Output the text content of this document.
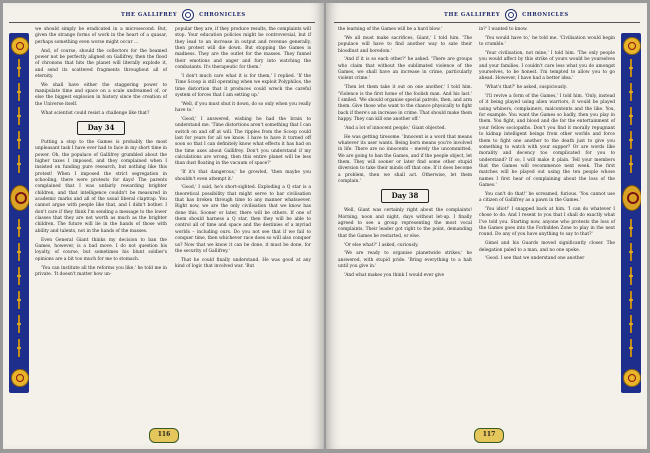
THE GALLIFREY	CHRONICLES

we should simply be eradicated in a microsecond. But, given the strange forms of work in the heart of a quasar, perhaps something even worse might occur ...

And, of course, should the collectors for the beamed power not be perfectly aligned on Gallifrey, then the flood of chronons that hits the planet will literally explode it, and send its scattered fragments throughout all of eternity.

We shall have either the staggering power to manipulate time and space on a scale undreamed of, or else the biggest explosion in history since the creation of the Universe itself.

What scientist could resist a challenge like that?

Day 34

Putting a stop to the Games is probably the most unpleasant task I have ever had to face in my short time in power. Oh, the populace of Gallifrey grumbled about the higher taxes I imposed, and they complained when I insisted on funding pure research, but nothing like this protest! When I imposed the strict segregation in schooling, there were protests for days! The parents complained that I was unfairly rewarding brighter children, and that intelligence couldn't be measured in academic marks and all of the usual liberal claptrap. You cannot argue with people like that, and I didn't bother. I don't care if they think I'm sending a message to the lower classes that they are not worth as much as the brighter children. The future will lie in the hands of those with ability and talents, not in the hands of the masses.

Even General Giant thinks my decision to ban the Games, however, is a bad move. I do not question his loyalty, of course, but sometimes his blunt soldier's opinions are a bit too much for me to stomach.

'You can institute all the reforms you like,' he told me in private. 'It doesn't matter how un-

popular they are, if they produce results, the complaints will stop. Your education policies might be controversial, but if they lead to an increase in output and revenue generally, then protest will die down. But stopping the Games is madness. They are the outlet for the masses. They funnel their emotions and anger and fury into watching the combatants. It's therapeutic for them.'

'I don't much care what it is for them,' I replied. 'If the Time Scoop is still operating when we exploit Polyphilos, the time distortion that it produces could wreck the careful system of forces that I am setting up.'

'Well, if you must shut it down, do so only when you really have to.'

'Good,' I answered, wishing he had the brain to understand me. 'Time distortions aren't something that I can switch on and off at will. The ripples from the Scoop could last for years for all we know. I have to have it turned off soon so that I can definitely know what effects it has had on the time axes about Gallifrey. Don't you understand if my calculations are wrong, then this entire planet will be less than dust floating in the vacuum of space?'

'If it's that dangerous,' he growled, 'then maybe you shouldn't even attempt it.'

'Good,' I said, he's short-sighted. Exploding a Q star is a theoretical possibility that might serve to bar civilisation that has broken through time to any manner whatsoever. Right now, we are the only civilisation that we know has done this. Sooner or later, there will be others. If one of them should harness a Q star, then they will be able to control all of time and space and the destinies of a myriad worlds – including ours. Do you not see that if we fail to conquer time, then whichever race does so will also conquer us? Now that we know it can be done, it must be done, for the security of Gallifrey.'

That he could finally understand. He was good at any kind of logic that involved war. 'But

116
THE GALLIFREY	CHRONICLES

the learning of the Games will be a hard blow.'

'We all must make sacrifices, Giant,' I told him. 'The populace will have to find another way to sate their bloodlust and boredom.'

'And if it is so each other?' he asked. 'There are groups who claim that without the sublimated violence of the Games, we shall have an increase in crime, particularly violent crime.'

'Then let them take it out on one another,' I told him. 'Violence is the first home of the foolish man. And his last.' I smiled. 'We should organise special patrols, then, and arm them. Give those who want to the chance physically to fight back if there's an increase in crime. That should make them happy. They can kill one another off.'

'And a lot of innocent people,' Giant objected.

He was getting tiresome. 'Innocent is a word that means whatever its user wants. Being born means you're involved in life. There are no innocents – merely the uncommitted. We are going to ban the Games, and if the people object, let them. They will sooner or later find some other stupid diversion to take their minds off that one. If it does become a problem, then we shall act. Otherwise, let them complain.'

Day 38

Well, Giant was certainly right about the complaints! Morning, noon and night, days without let-up. I finally agreed to see a group representing the most vocal complaints. Their leader got right to the point, demanding that the Games be restarted, or else.

'Or else what?' I asked, curiously.

'We are ready to organise planetwide strikes,' he answered, with stupid pride. 'Bring everything to a halt until you give in.'

'And what makes you think I would ever give

in?' I wanted to know.

'You would have to,' he told me. 'Civilisation would begin to crumble.'

'Your civilisation, not mine,' I told him. 'The only people you would affect by this strike of yours would be yourselves and your families. I couldn't care less what you do amongst yourselves, to be honest. I'm tempted to allow you to go ahead. However, I have had a better idea.'

'What's that?' he asked, suspiciously.

'I'll revive a form of the Games,' I told him. 'Only, instead of it being played using alien warriors, it would be played using whiners, complainers, malcontents and the like. You, for example. You want the Games so badly, then you play in them. You fight, and blood and die for the entertainment of your fellow sociopaths. Don't you find it morally repugnant to kidnap intelligent beings from other worlds and force them to fight one another to the death just to give you something to watch with your supper? Or are words like morality and decency too complicated for you to understand? If so, I will make it plain. Tell your members that the Games will recommence next week. The first matches will be played out using the ten people whose names I first hear of complaining about the loss of the Games.'

You can't do that!' he screamed, furious. 'You cannot use a citizen of Gallifrey as a pawn in the Games.'

'You idiot!' I snapped back at him. 'I can do whatever I chose to do. And I resent to you that I shall do exactly what I've told you. Starting now, anyone who protests the loss of the Games goes into the Forbidden Zone to play in the next round. Do any of you have anything to say to that?'

Gimel and his Guards moved significantly closer. The delegation paled to a man, and no one spoke.

'Good. I see that we understand one another

117
